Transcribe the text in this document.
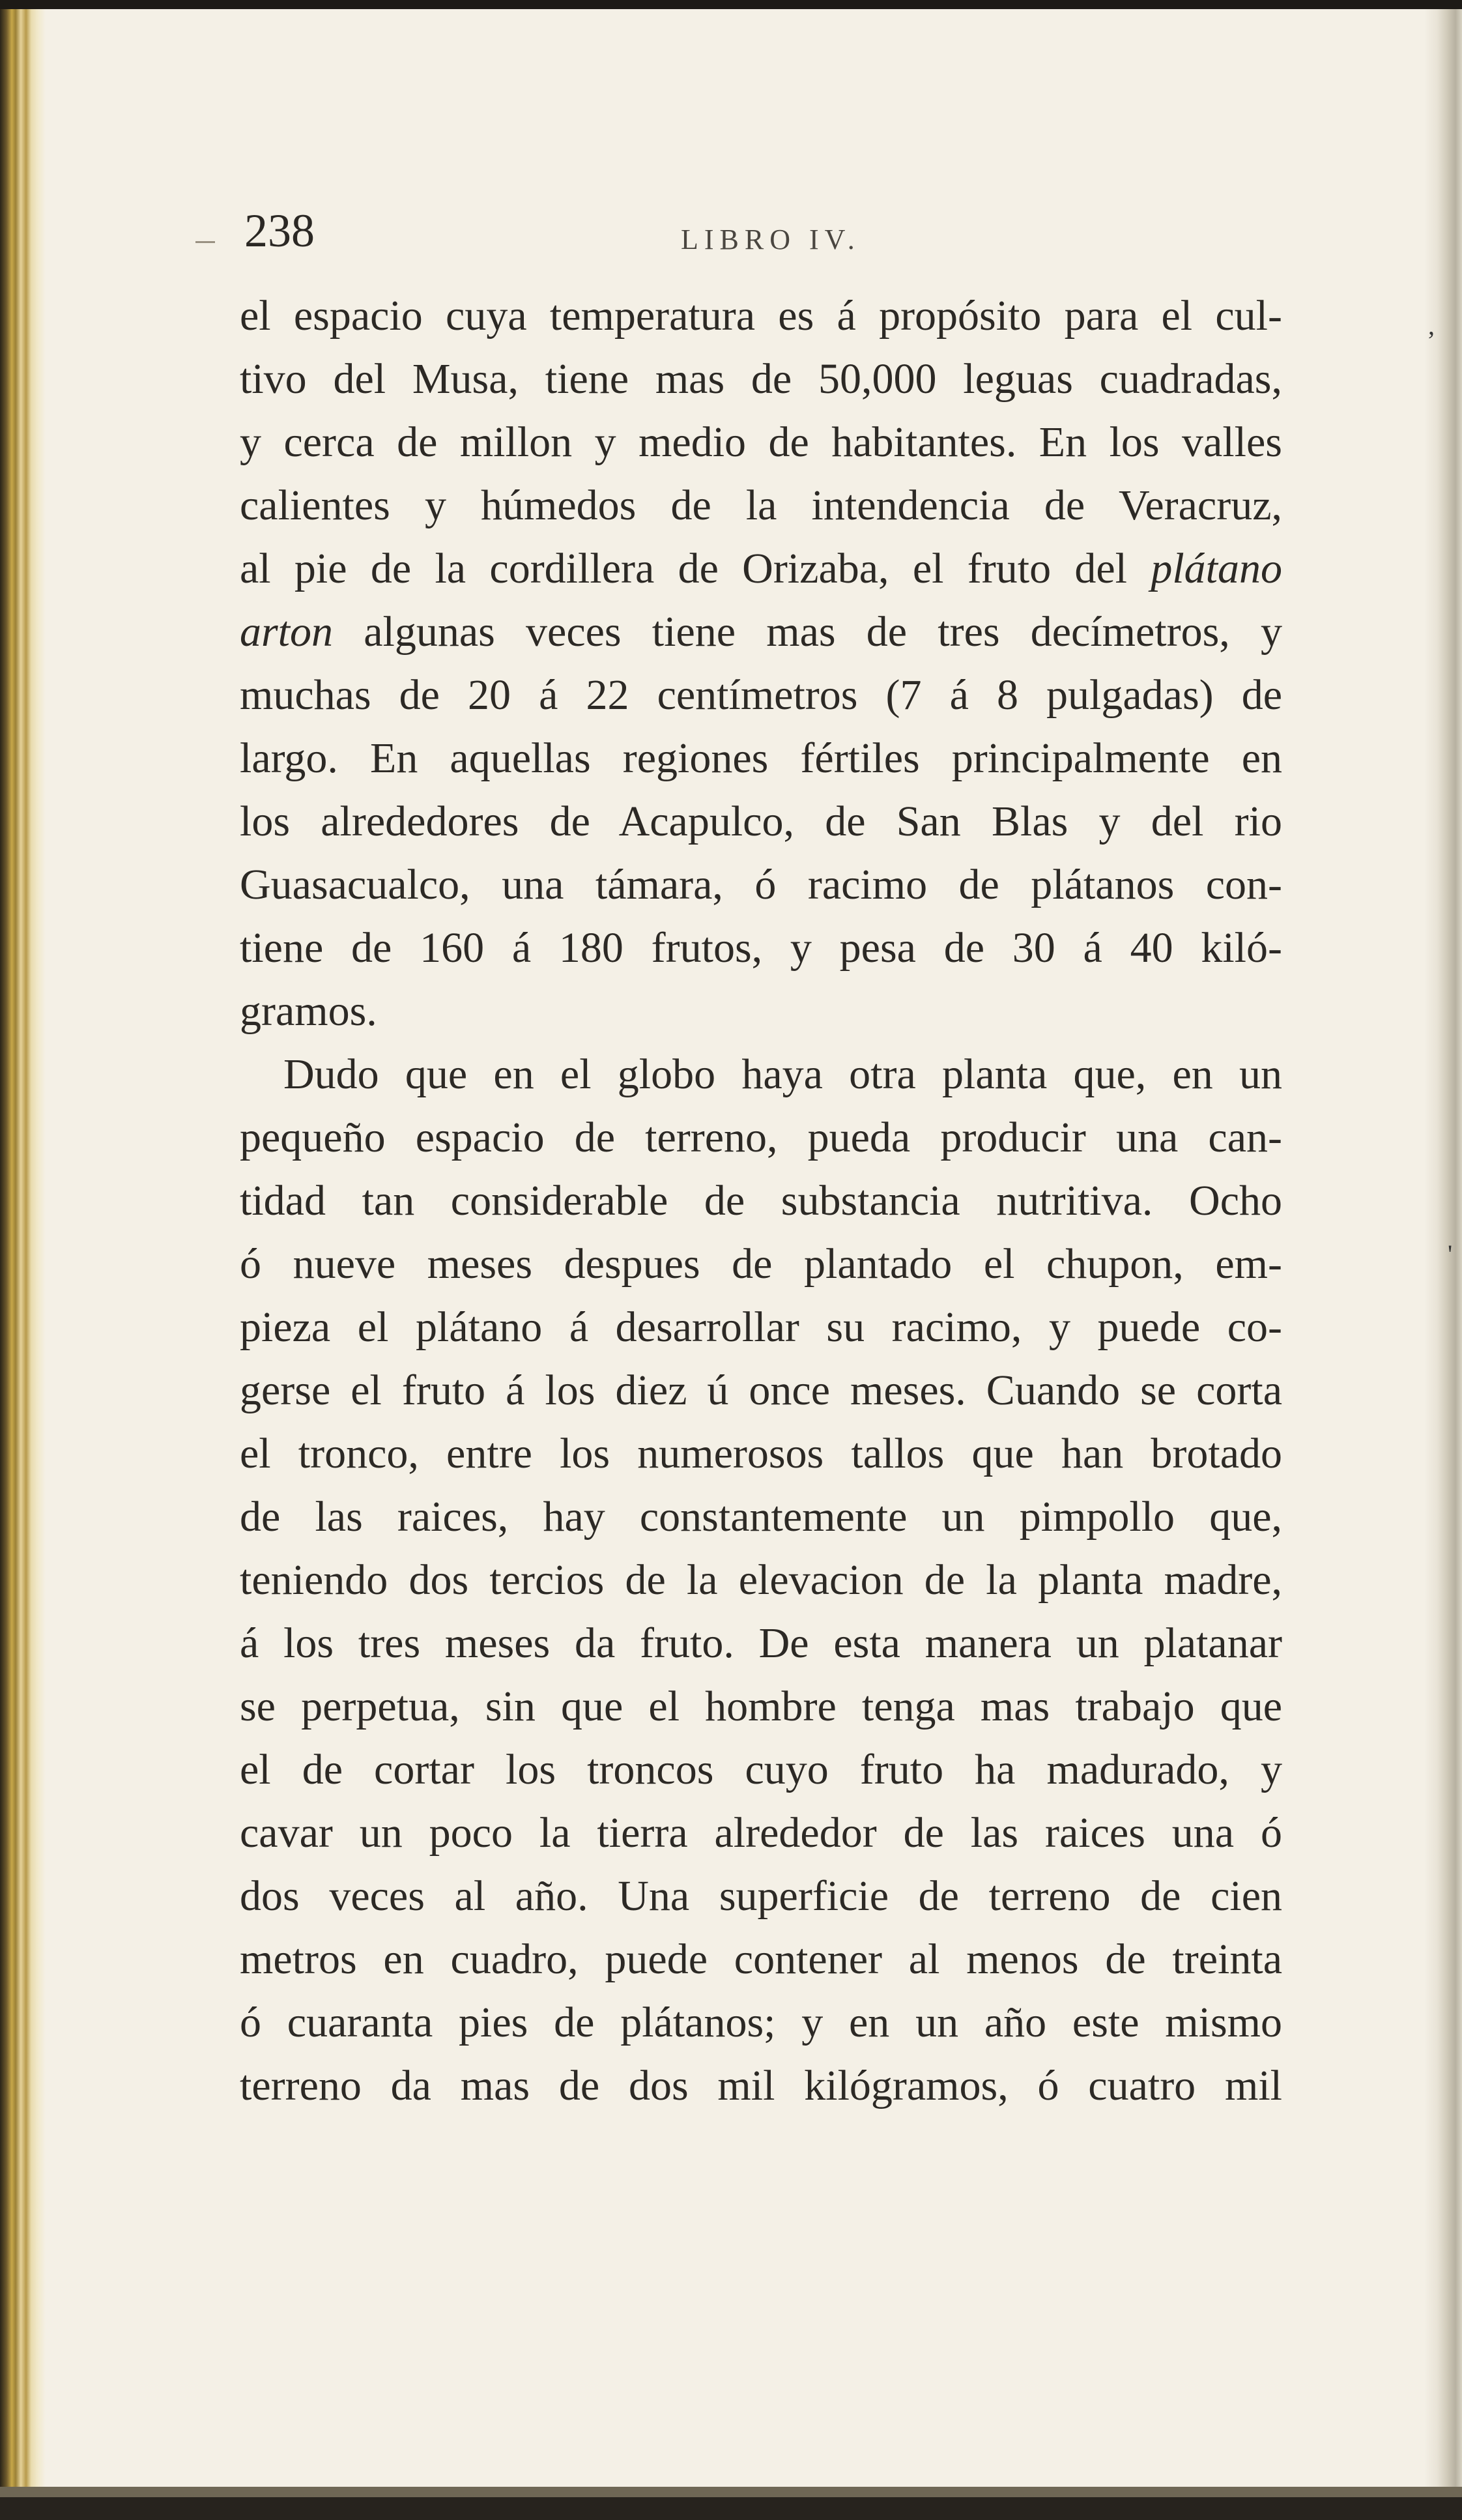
238	LIBRO IV.
el espacio cuya temperatura es á propósito para el cul-
tivo del Musa, tiene mas de 50,000 leguas cuadradas,
y cerca de millon y medio de habitantes. En los valles
calientes y húmedos de la intendencia de Veracruz,
al pie de la cordillera de Orizaba, el fruto del plátano
arton algunas veces tiene mas de tres decímetros, y
muchas de 20 á 22 centímetros (7 á 8 pulgadas) de
largo. En aquellas regiones fértiles principalmente en
los alrededores de Acapulco, de San Blas y del rio
Guasacualco, una támara, ó racimo de plátanos con-
tiene de 160 á 180 frutos, y pesa de 30 á 40 kiló-
gramos.
Dudo que en el globo haya otra planta que, en un
pequeño espacio de terreno, pueda producir una can-
tidad tan considerable de substancia nutritiva. Ocho
ó nueve meses despues de plantado el chupon, em-
pieza el plátano á desarrollar su racimo, y puede co-
gerse el fruto á los diez ú once meses. Cuando se corta
el tronco, entre los numerosos tallos que han brotado
de las raices, hay constantemente un pimpollo que,
teniendo dos tercios de la elevacion de la planta madre,
á los tres meses da fruto. De esta manera un platanar
se perpetua, sin que el hombre tenga mas trabajo que
el de cortar los troncos cuyo fruto ha madurado, y
cavar un poco la tierra alrededor de las raices una ó
dos veces al año. Una superficie de terreno de cien
metros en cuadro, puede contener al menos de treinta
ó cuaranta pies de plátanos; y en un año este mismo
terreno da mas de dos mil kilógramos, ó cuatro mil
,
'
